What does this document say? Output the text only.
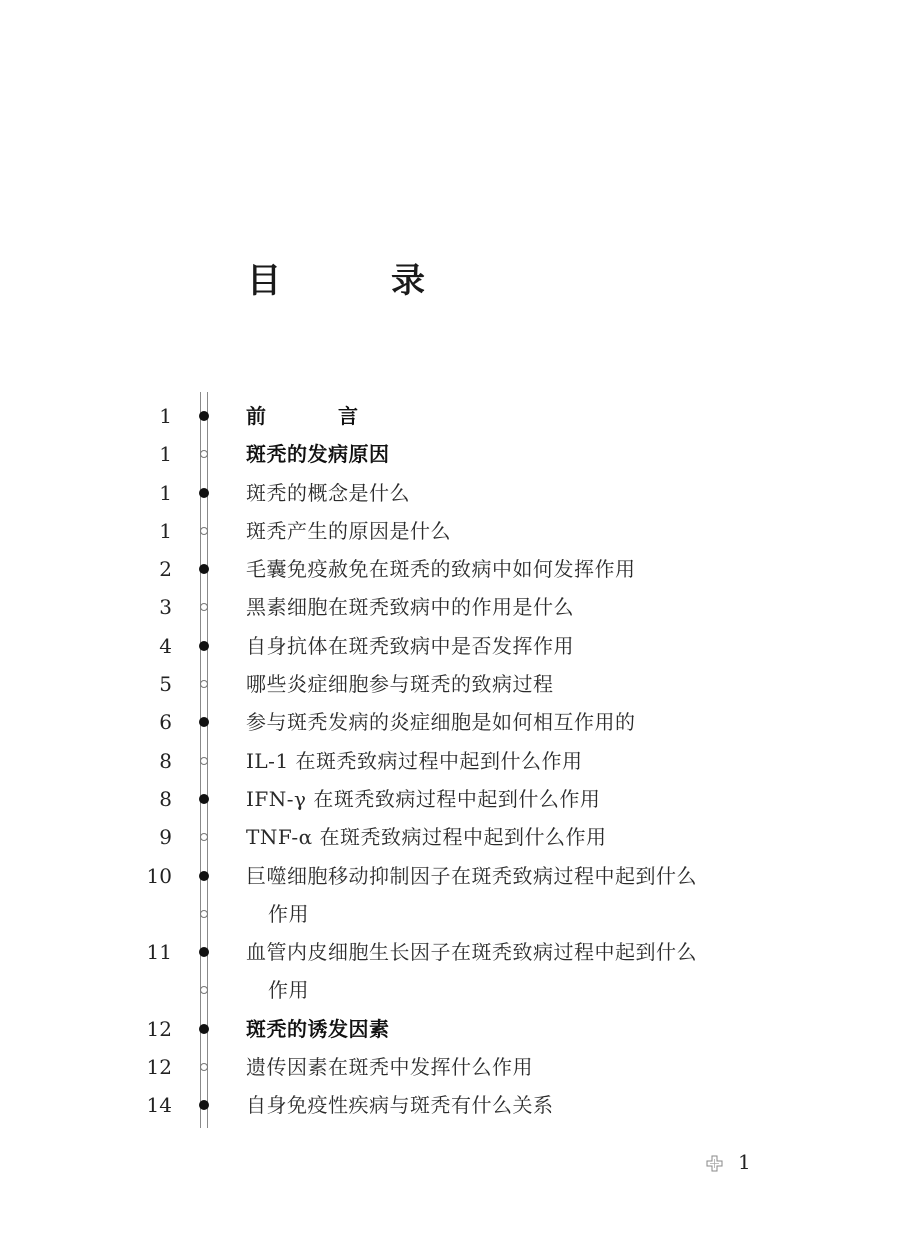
目　录
1	前　言
1	斑秃的发病原因
1	斑秃的概念是什么
1	斑秃产生的原因是什么
2	毛囊免疫赦免在斑秃的致病中如何发挥作用
3	黑素细胞在斑秃致病中的作用是什么
4	自身抗体在斑秃致病中是否发挥作用
5	哪些炎症细胞参与斑秃的致病过程
6	参与斑秃发病的炎症细胞是如何相互作用的
8	IL-1 在斑秃致病过程中起到什么作用
8	IFN-γ 在斑秃致病过程中起到什么作用
9	TNF-α 在斑秃致病过程中起到什么作用
10	巨噬细胞移动抑制因子在斑秃致病过程中起到什么
作用
11	血管内皮细胞生长因子在斑秃致病过程中起到什么
作用
12	斑秃的诱发因素
12	遗传因素在斑秃中发挥什么作用
14	自身免疫性疾病与斑秃有什么关系
1
